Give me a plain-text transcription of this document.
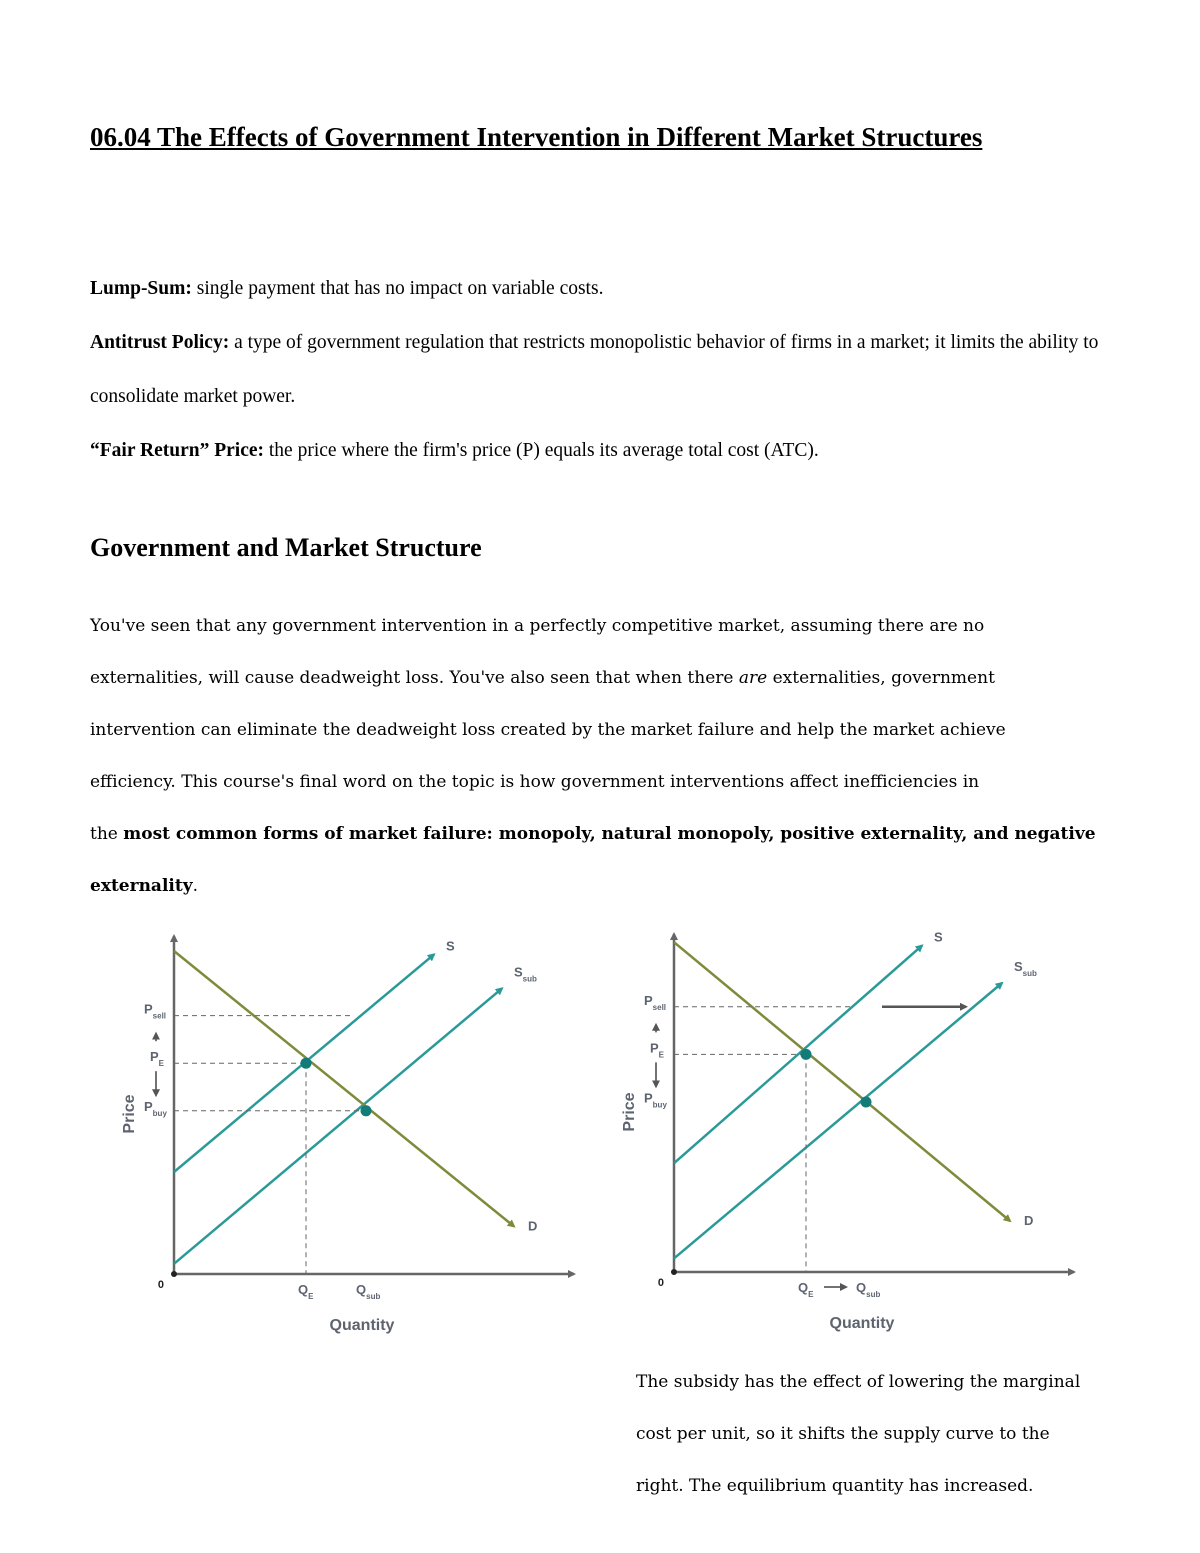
06.04 The Effects of Government Intervention in Different Market Structures

Lump-Sum: single payment that has no impact on variable costs.

Antitrust Policy: a type of government regulation that restricts monopolistic behavior of firms in a market; it limits the ability to consolidate market power.

“Fair Return” Price: the price where the firm's price (P) equals its average total cost (ATC).

Government and Market Structure

You've seen that any government intervention in a perfectly competitive market, assuming there are no

externalities, will cause deadweight loss. You've also seen that when there are externalities, government

intervention can eliminate the deadweight loss created by the market failure and help the market achieve

efficiency. This course's final word on the topic is how government interventions affect inefficiencies in

the most common forms of market failure: monopoly, natural monopoly, positive externality, and negative

externality.

0
Quantity
Price
S
$S_{sub}$
D
$P_{sell}$
$P_E$
$P_{buy}$
$Q_E$	$Q_{sub}$
0
Quantity
Price
S
$S_{sub}$
D
$P_{sell}$
$P_E$
$P_{buy}$
$Q_E$	$Q_{sub}$
The subsidy has the effect of lowering the marginal
cost per unit, so it shifts the supply curve to the
right. The equilibrium quantity has increased.
